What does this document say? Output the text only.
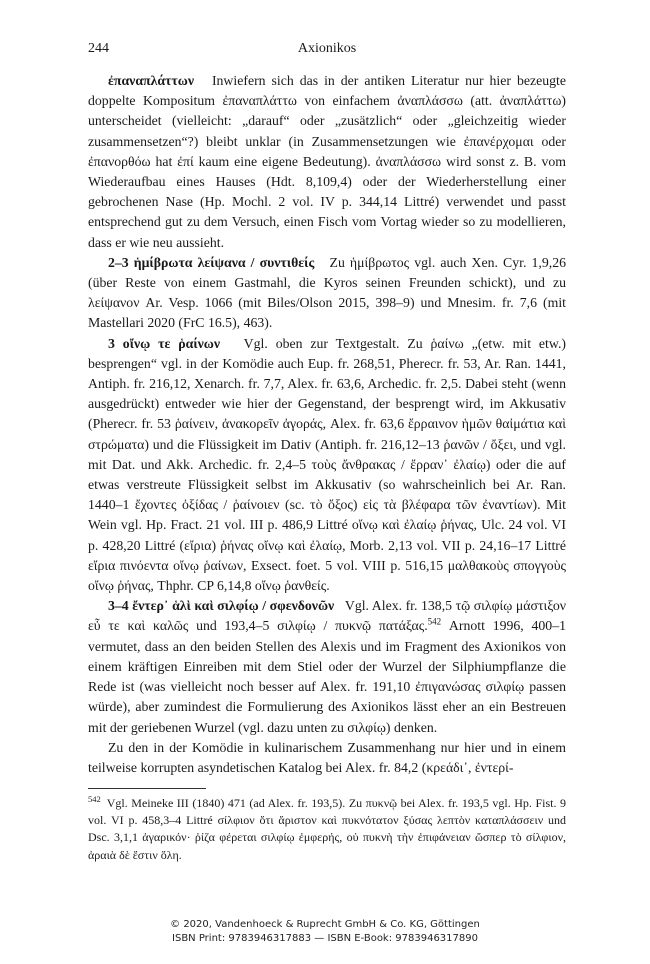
244	Axionikos

ἐπαναπλάττων Inwiefern sich das in der antiken Literatur nur hier bezeugte doppelte Kompositum ἐπαναπλάττω von einfachem ἀναπλάσσω (att. ἀναπλάττω) unterscheidet (vielleicht: „darauf“ oder „zusätzlich“ oder „gleichzeitig wieder zusammensetzen“?) bleibt unklar (in Zusammensetzungen wie ἐπανέρχομαι oder ἐπανορθόω hat ἐπί kaum eine eigene Bedeutung). ἀναπλάσσω wird sonst z. B. vom Wiederaufbau eines Hauses (Hdt. 8,109,4) oder der Wiederherstellung einer gebrochenen Nase (Hp. Mochl. 2 vol. IV p. 344,14 Littré) verwendet und passt entsprechend gut zu dem Versuch, einen Fisch vom Vortag wieder so zu modellieren, dass er wie neu aussieht.

2–3 ἡμίβρωτα λείψανα / συντιθείς Zu ἡμίβρωτος vgl. auch Xen. Cyr. 1,9,26 (über Reste von einem Gastmahl, die Kyros seinen Freunden schickt), und zu λείψανον Ar. Vesp. 1066 (mit Biles/Olson 2015, 398–9) und Mnesim. fr. 7,6 (mit Mastellari 2020 (FrC 16.5), 463).

3 οἴνῳ τε ῥαίνων Vgl. oben zur Textgestalt. Zu ῥαίνω „(etw. mit etw.) besprengen“ vgl. in der Komödie auch Eup. fr. 268,51, Pherecr. fr. 53, Ar. Ran. 1441, Antiph. fr. 216,12, Xenarch. fr. 7,7, Alex. fr. 63,6, Archedic. fr. 2,5. Dabei steht (wenn ausgedrückt) entweder wie hier der Gegenstand, der besprengt wird, im Akkusativ (Pherecr. fr. 53 ῥαίνειν, ἀνακορεῖν ἀγοράς, Alex. fr. 63,6 ἔρραινον ἡμῶν θαἰμάτια καὶ στρώματα) und die Flüssigkeit im Dativ (Antiph. fr. 216,12–13 ῥανῶν / ὄξει, und vgl. mit Dat. und Akk. Archedic. fr. 2,4–5 τοὺς ἄνθρακας / ἔρραν᾽ ἐλαίῳ) oder die auf etwas verstreute Flüssigkeit selbst im Akkusativ (so wahrscheinlich bei Ar. Ran. 1440–1 ἔχοντες ὀξίδας / ῥαίνοιεν (sc. τὸ ὄξος) εἰς τὰ βλέφαρα τῶν ἐναντίων). Mit Wein vgl. Hp. Fract. 21 vol. III p. 486,9 Littré οἴνῳ καὶ ἐλαίῳ ῥήνας, Ulc. 24 vol. VI p. 428,20 Littré (εἴρια) ῥήνας οἴνῳ καὶ ἐλαίῳ, Morb. 2,13 vol. VII p. 24,16–17 Littré εἴρια πινόεντα οἴνῳ ῥαίνων, Exsect. foet. 5 vol. VIII p. 516,15 μαλθακοὺς σπογγοὺς οἴνῳ ῥήνας, Thphr. CP 6,14,8 οἴνῳ ῥανθείς.

3–4 ἔντερ᾽ ἁλὶ καὶ σιλφίῳ / σφενδονῶν Vgl. Alex. fr. 138,5 τῷ σιλφίῳ μάστιξον εὖ τε καὶ καλῶς und 193,4–5 σιλφίῳ / πυκνῷ πατάξας.$^{542}$ Arnott 1996, 400–1 vermutet, dass an den beiden Stellen des Alexis und im Fragment des Axionikos von einem kräftigen Einreiben mit dem Stiel oder der Wurzel der Silphiumpflanze die Rede ist (was vielleicht noch besser auf Alex. fr. 191,10 ἐπιγανώσας σιλφίῳ passen würde), aber zumindest die Formulierung des Axionikos lässt eher an ein Bestreuen mit der geriebenen Wurzel (vgl. dazu unten zu σιλφίῳ) denken.

Zu den in der Komödie in kulinarischem Zusammenhang nur hier und in einem teilweise korrupten asyndetischen Katalog bei Alex. fr. 84,2 (κρεάδι᾽, ἐντερί-

$^{542}$ Vgl. Meineke III (1840) 471 (ad Alex. fr. 193,5). Zu πυκνῷ bei Alex. fr. 193,5 vgl. Hp. Fist. 9 vol. VI p. 458,3–4 Littré σίλφιον ὅτι ἄριστον καὶ πυκνότατον ξύσας λεπτὸν καταπλάσσειν und Dsc. 3,1,1 ἀγαρικόν· ῥίζα φέρεται σιλφίῳ ἐμφερής, οὐ πυκνὴ τὴν ἐπιφάνειαν ὥσπερ τὸ σίλφιον, ἀραιὰ δὲ ἔστιν ὅλη.
© 2020, Vandenhoeck & Ruprecht GmbH & Co. KG, Göttingen
ISBN Print: 9783946317883 — ISBN E-Book: 9783946317890
